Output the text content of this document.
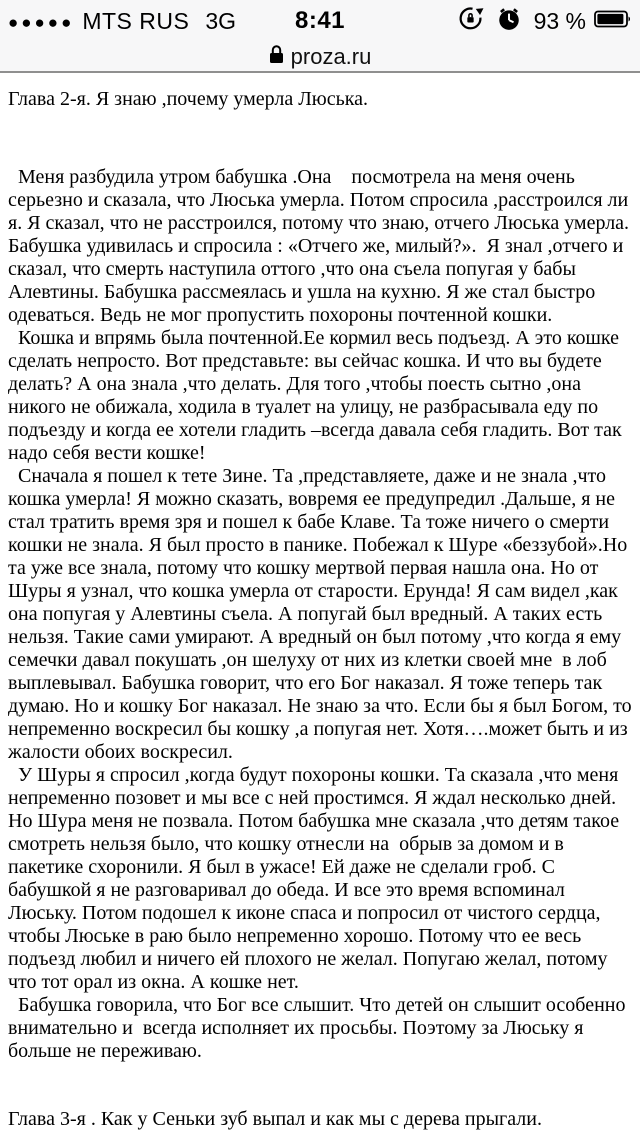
●●●●● MTS RUS 3G 8:41	93 %
proza.ru
Глава 2-я. Я знаю ,почему умерла Люська.

Меня разбудила утром бабушка .Она    посмотрела на меня очень серьезно и сказала, что Люська умерла. Потом спросила ,расстроился ли я. Я сказал, что не расстроился, потому что знаю, отчего Люська умерла. Бабушка удивилась и спросила : «Отчего же, милый?».  Я знал ,отчего и сказал, что смерть наступила оттого ,что она съела попугая у бабы Алевтины. Бабушка рассмеялась и ушла на кухню. Я же стал быстро одеваться. Ведь не мог пропустить похороны почтенной кошки.

Кошка и впрямь была почтенной.Ее кормил весь подъезд. А это кошке сделать непросто. Вот представьте: вы сейчас кошка. И что вы будете делать? А она знала ,что делать. Для того ,чтобы поесть сытно ,она никого не обижала, ходила в туалет на улицу, не разбрасывала еду по подъезду и когда ее хотели гладить –всегда давала себя гладить. Вот так надо себя вести кошке!

Сначала я пошел к тете Зине. Та ,представляете, даже и не знала ,что кошка умерла! Я можно сказать, вовремя ее предупредил .Дальше, я не стал тратить время зря и пошел к бабе Клаве. Та тоже ничего о смерти кошки не знала. Я был просто в панике. Побежал к Шуре «беззубой».Но та уже все знала, потому что кошку мертвой первая нашла она. Но от Шуры я узнал, что кошка умерла от старости. Ерунда! Я сам видел ,как она попугая у Алевтины съела. А попугай был вредный. А таких есть нельзя. Такие сами умирают. А вредный он был потому ,что когда я ему семечки давал покушать ,он шелуху от них из клетки своей мне  в лоб  выплевывал. Бабушка говорит, что его Бог наказал. Я тоже теперь так думаю. Но и кошку Бог наказал. Не знаю за что. Если бы я был Богом, то непременно воскресил бы кошку ,а попугая нет. Хотя….может быть и из жалости обоих воскресил.

У Шуры я спросил ,когда будут похороны кошки. Та сказала ,что меня непременно позовет и мы все с ней простимся. Я ждал несколько дней. Но Шура меня не позвала. Потом бабушка мне сказала ,что детям такое смотреть нельзя было, что кошку отнесли на  обрыв за домом и в пакетике схоронили. Я был в ужасе! Ей даже не сделали гроб. С бабушкой я не разговаривал до обеда. И все это время вспоминал Люську. Потом подошел к иконе спаса и попросил от чистого сердца, чтобы Люське в раю было непременно хорошо. Потому что ее весь подъезд любил и ничего ей плохого не желал. Попугаю желал, потому что тот орал из окна. А кошке нет.

Бабушка говорила, что Бог все слышит. Что детей он слышит особенно внимательно и  всегда исполняет их просьбы. Поэтому за Люську я больше не переживаю.

Глава 3-я . Как у Сеньки зуб выпал и как мы с дерева прыгали.
